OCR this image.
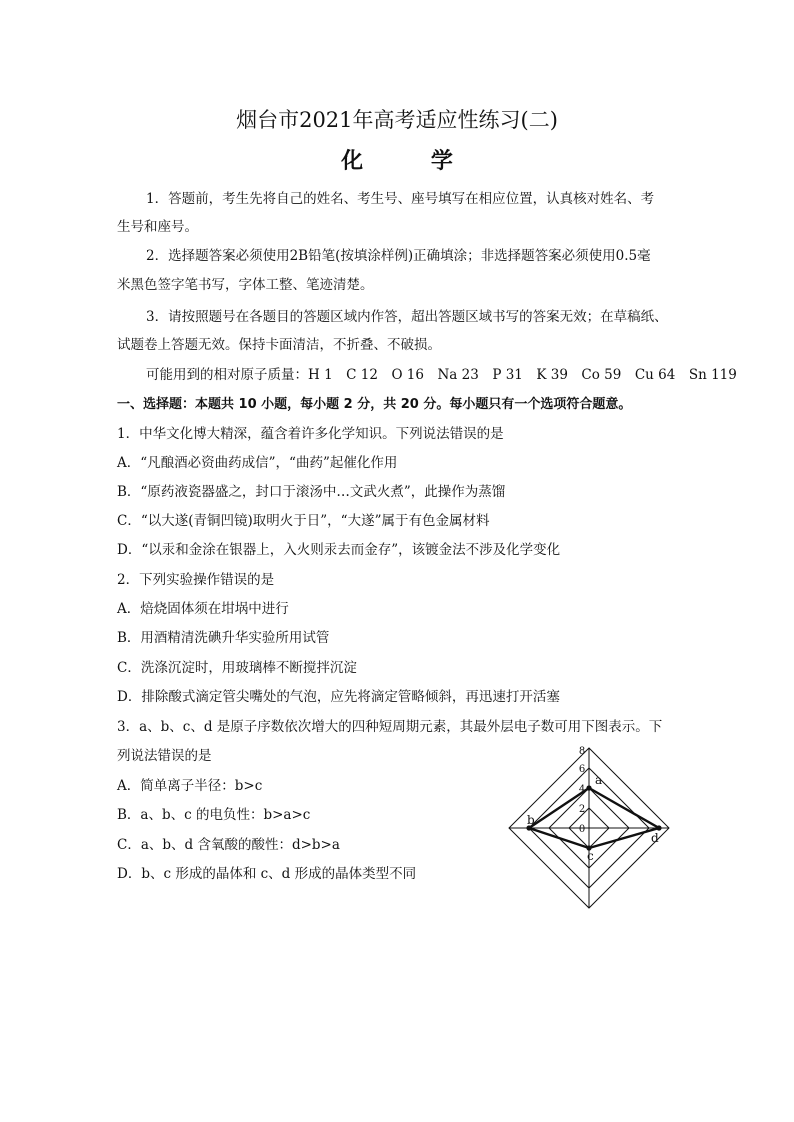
烟台市2021年高考适应性练习(二)
化 学
1．答题前，考生先将自己的姓名、考生号、座号填写在相应位置，认真核对姓名、考
生号和座号。
2．选择题答案必须使用2B铅笔(按填涂样例)正确填涂；非选择题答案必须使用0.5毫
米黑色签字笔书写，字体工整、笔迹清楚。
3．请按照题号在各题目的答题区域内作答，超出答题区域书写的答案无效；在草稿纸、
试题卷上答题无效。保持卡面清洁，不折叠、不破损。
可能用到的相对原子质量：H 1　C 12　O 16　Na 23　P 31　K 39　Co 59　Cu 64　Sn 119
一、选择题：本题共 10 小题，每小题 2 分，共 20 分。每小题只有一个选项符合题意。
1．中华文化博大精深，蕴含着许多化学知识。下列说法错误的是
A．“凡酿酒必资曲药成信”，“曲药”起催化作用
B．“原药液瓷器盛之，封口于滚汤中…文武火煮”，此操作为蒸馏
C．“以大遂(青铜凹镜)取明火于日”，“大遂”属于有色金属材料
D．“以汞和金涂在银器上，入火则汞去而金存”，该镀金法不涉及化学变化
2．下列实验操作错误的是
A．焙烧固体须在坩埚中进行
B．用酒精清洗碘升华实验所用试管
C．洗涤沉淀时，用玻璃棒不断搅拌沉淀
D．排除酸式滴定管尖嘴处的气泡，应先将滴定管略倾斜，再迅速打开活塞
3．a、b、c、d 是原子序数依次增大的四种短周期元素，其最外层电子数可用下图表示。下
列说法错误的是
A．简单离子半径：b>c
B．a、b、c 的电负性：b>a>c
C．a、b、d 含氧酸的酸性：d>b>a
D．b、c 形成的晶体和 c、d 形成的晶体类型不同
0
2
4
6
8
a
b
c
d
